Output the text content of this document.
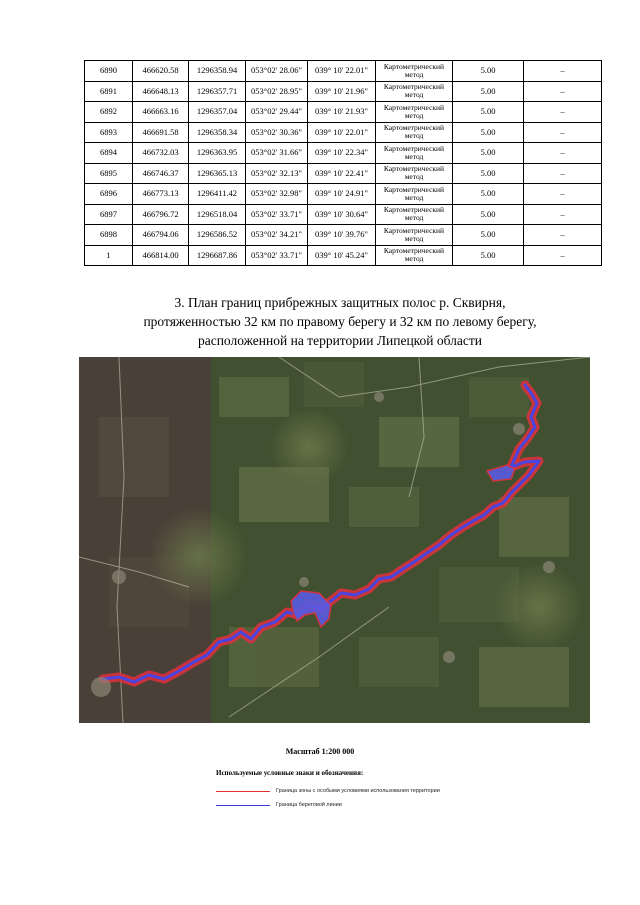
6890	466620.58	1296358.94	053°02' 28.06"	039° 10' 22.01"	Картометрический метод	5.00	–
6891	466648.13	1296357.71	053°02' 28.95"	039° 10' 21.96"	Картометрический метод	5.00	–
6892	466663.16	1296357.04	053°02' 29.44"	039° 10' 21.93"	Картометрический метод	5.00	–
6893	466691.58	1296358.34	053°02' 30.36"	039° 10' 22.01"	Картометрический метод	5.00	–
6894	466732.03	1296363.95	053°02' 31.66"	039° 10' 22.34"	Картометрический метод	5.00	–
6895	466746.37	1296365.13	053°02' 32.13"	039° 10' 22.41"	Картометрический метод	5.00	–
6896	466773.13	1296411.42	053°02' 32.98"	039° 10' 24.91"	Картометрический метод	5.00	–
6897	466796.72	1296518.04	053°02' 33.71"	039° 10' 30.64"	Картометрический метод	5.00	–
6898	466794.06	1296586.52	053°02' 34.21"	039° 10' 39.76"	Картометрический метод	5.00	–
1	466814.00	1296687.86	053°02' 33.71"	039° 10' 45.24"	Картометрический метод	5.00	–
3. План границ прибрежных защитных полос р. Сквирня,
протяженностью 32 км по правому берегу и 32 км по левому берегу,
расположенной на территории Липецкой области
Масштаб 1:200 000
Используемые условные знаки и обозначения:
Граница зоны с особыми условиями использования территории
Граница береговой линии
